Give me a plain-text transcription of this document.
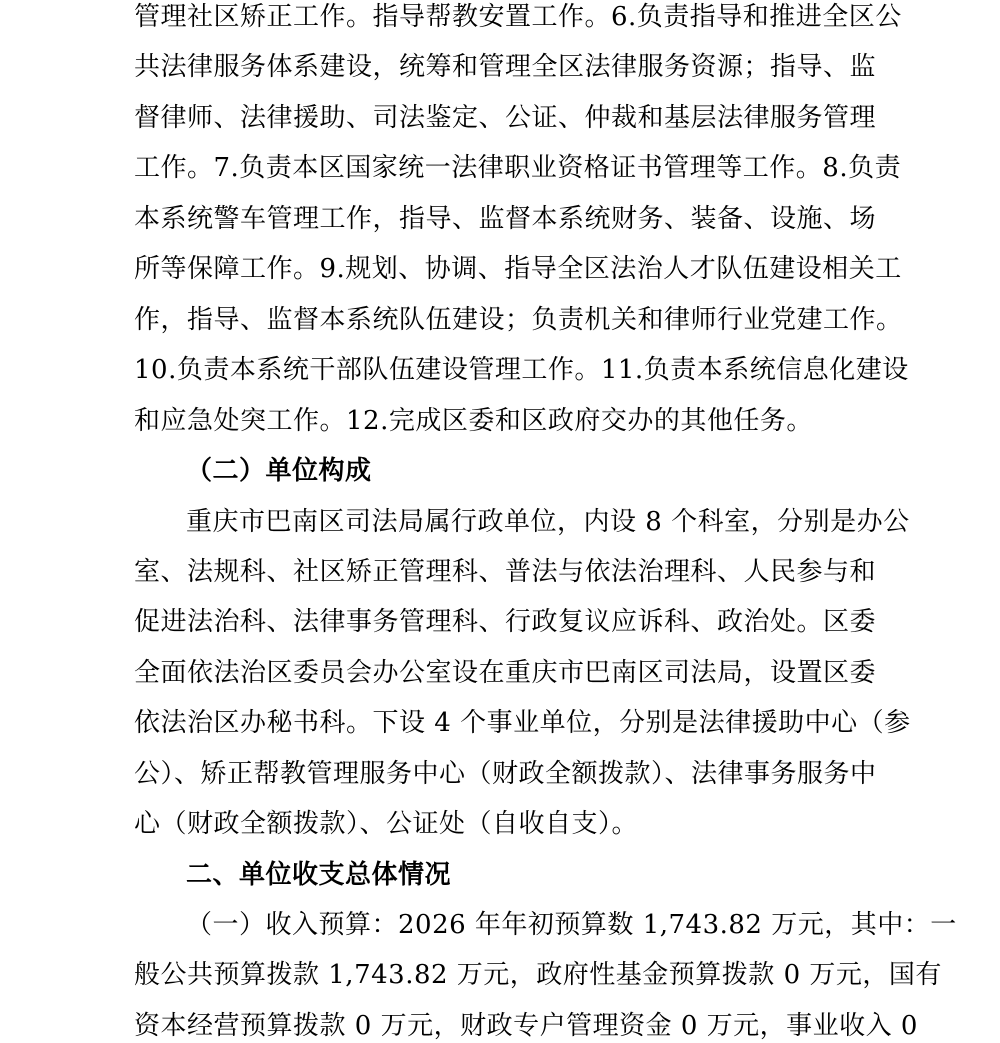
管理社区矫正工作。指导帮教安置工作。6.负责指导和推进全区公
共法律服务体系建设，统筹和管理全区法律服务资源；指导、监
督律师、法律援助、司法鉴定、公证、仲裁和基层法律服务管理
工作。7.负责本区国家统一法律职业资格证书管理等工作。8.负责
本系统警车管理工作，指导、监督本系统财务、装备、设施、场
所等保障工作。9.规划、协调、指导全区法治人才队伍建设相关工
作，指导、监督本系统队伍建设；负责机关和律师行业党建工作。
10.负责本系统干部队伍建设管理工作。11.负责本系统信息化建设
和应急处突工作。12.完成区委和区政府交办的其他任务。
（二）单位构成
重庆市巴南区司法局属行政单位，内设 8 个科室，分别是办公
室、法规科、社区矫正管理科、普法与依法治理科、人民参与和
促进法治科、法律事务管理科、行政复议应诉科、政治处。区委
全面依法治区委员会办公室设在重庆市巴南区司法局，设置区委
依法治区办秘书科。下设 4 个事业单位，分别是法律援助中心（参
公）、矫正帮教管理服务中心（财政全额拨款）、法律事务服务中
心（财政全额拨款）、公证处（自收自支）。
二、单位收支总体情况
（一）收入预算：2026 年年初预算数 1,743.82 万元，其中：一
般公共预算拨款 1,743.82 万元，政府性基金预算拨款 0 万元，国有
资本经营预算拨款 0 万元，财政专户管理资金 0 万元，事业收入 0
